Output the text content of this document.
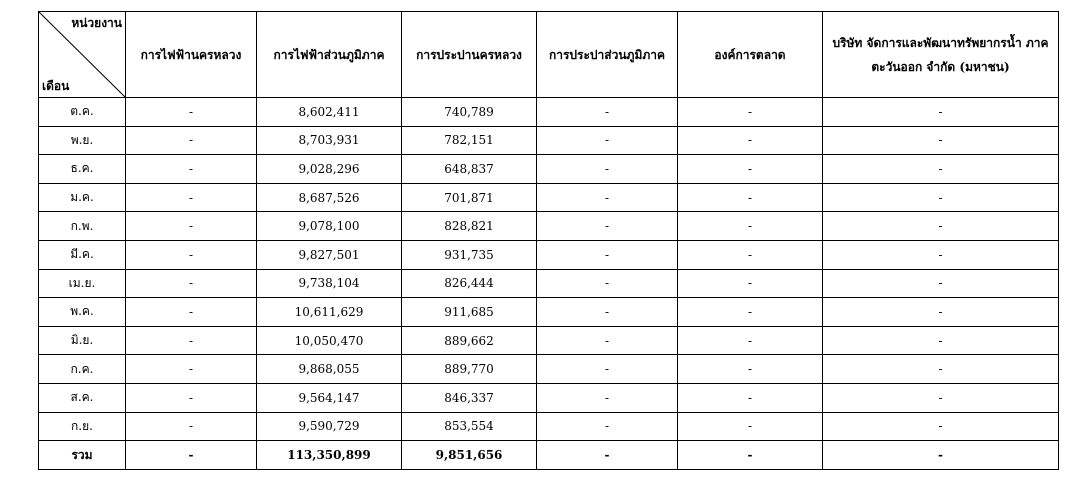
หน่วยงาน
เดือน	การไฟฟ้านครหลวง	การไฟฟ้าส่วนภูมิภาค	การประปานครหลวง	การประปาส่วนภูมิภาค	องค์การตลาด	บริษัท จัดการและพัฒนาทรัพยากรน้ำ ภาคตะวันออก จำกัด (มหาชน)
ต.ค.	-	8,602,411	740,789	-	-	-
พ.ย.	-	8,703,931	782,151	-	-	-
ธ.ค.	-	9,028,296	648,837	-	-	-
ม.ค.	-	8,687,526	701,871	-	-	-
ก.พ.	-	9,078,100	828,821	-	-	-
มี.ค.	-	9,827,501	931,735	-	-	-
เม.ย.	-	9,738,104	826,444	-	-	-
พ.ค.	-	10,611,629	911,685	-	-	-
มิ.ย.	-	10,050,470	889,662	-	-	-
ก.ค.	-	9,868,055	889,770	-	-	-
ส.ค.	-	9,564,147	846,337	-	-	-
ก.ย.	-	9,590,729	853,554	-	-	-
รวม	-	113,350,899	9,851,656	-	-	-
